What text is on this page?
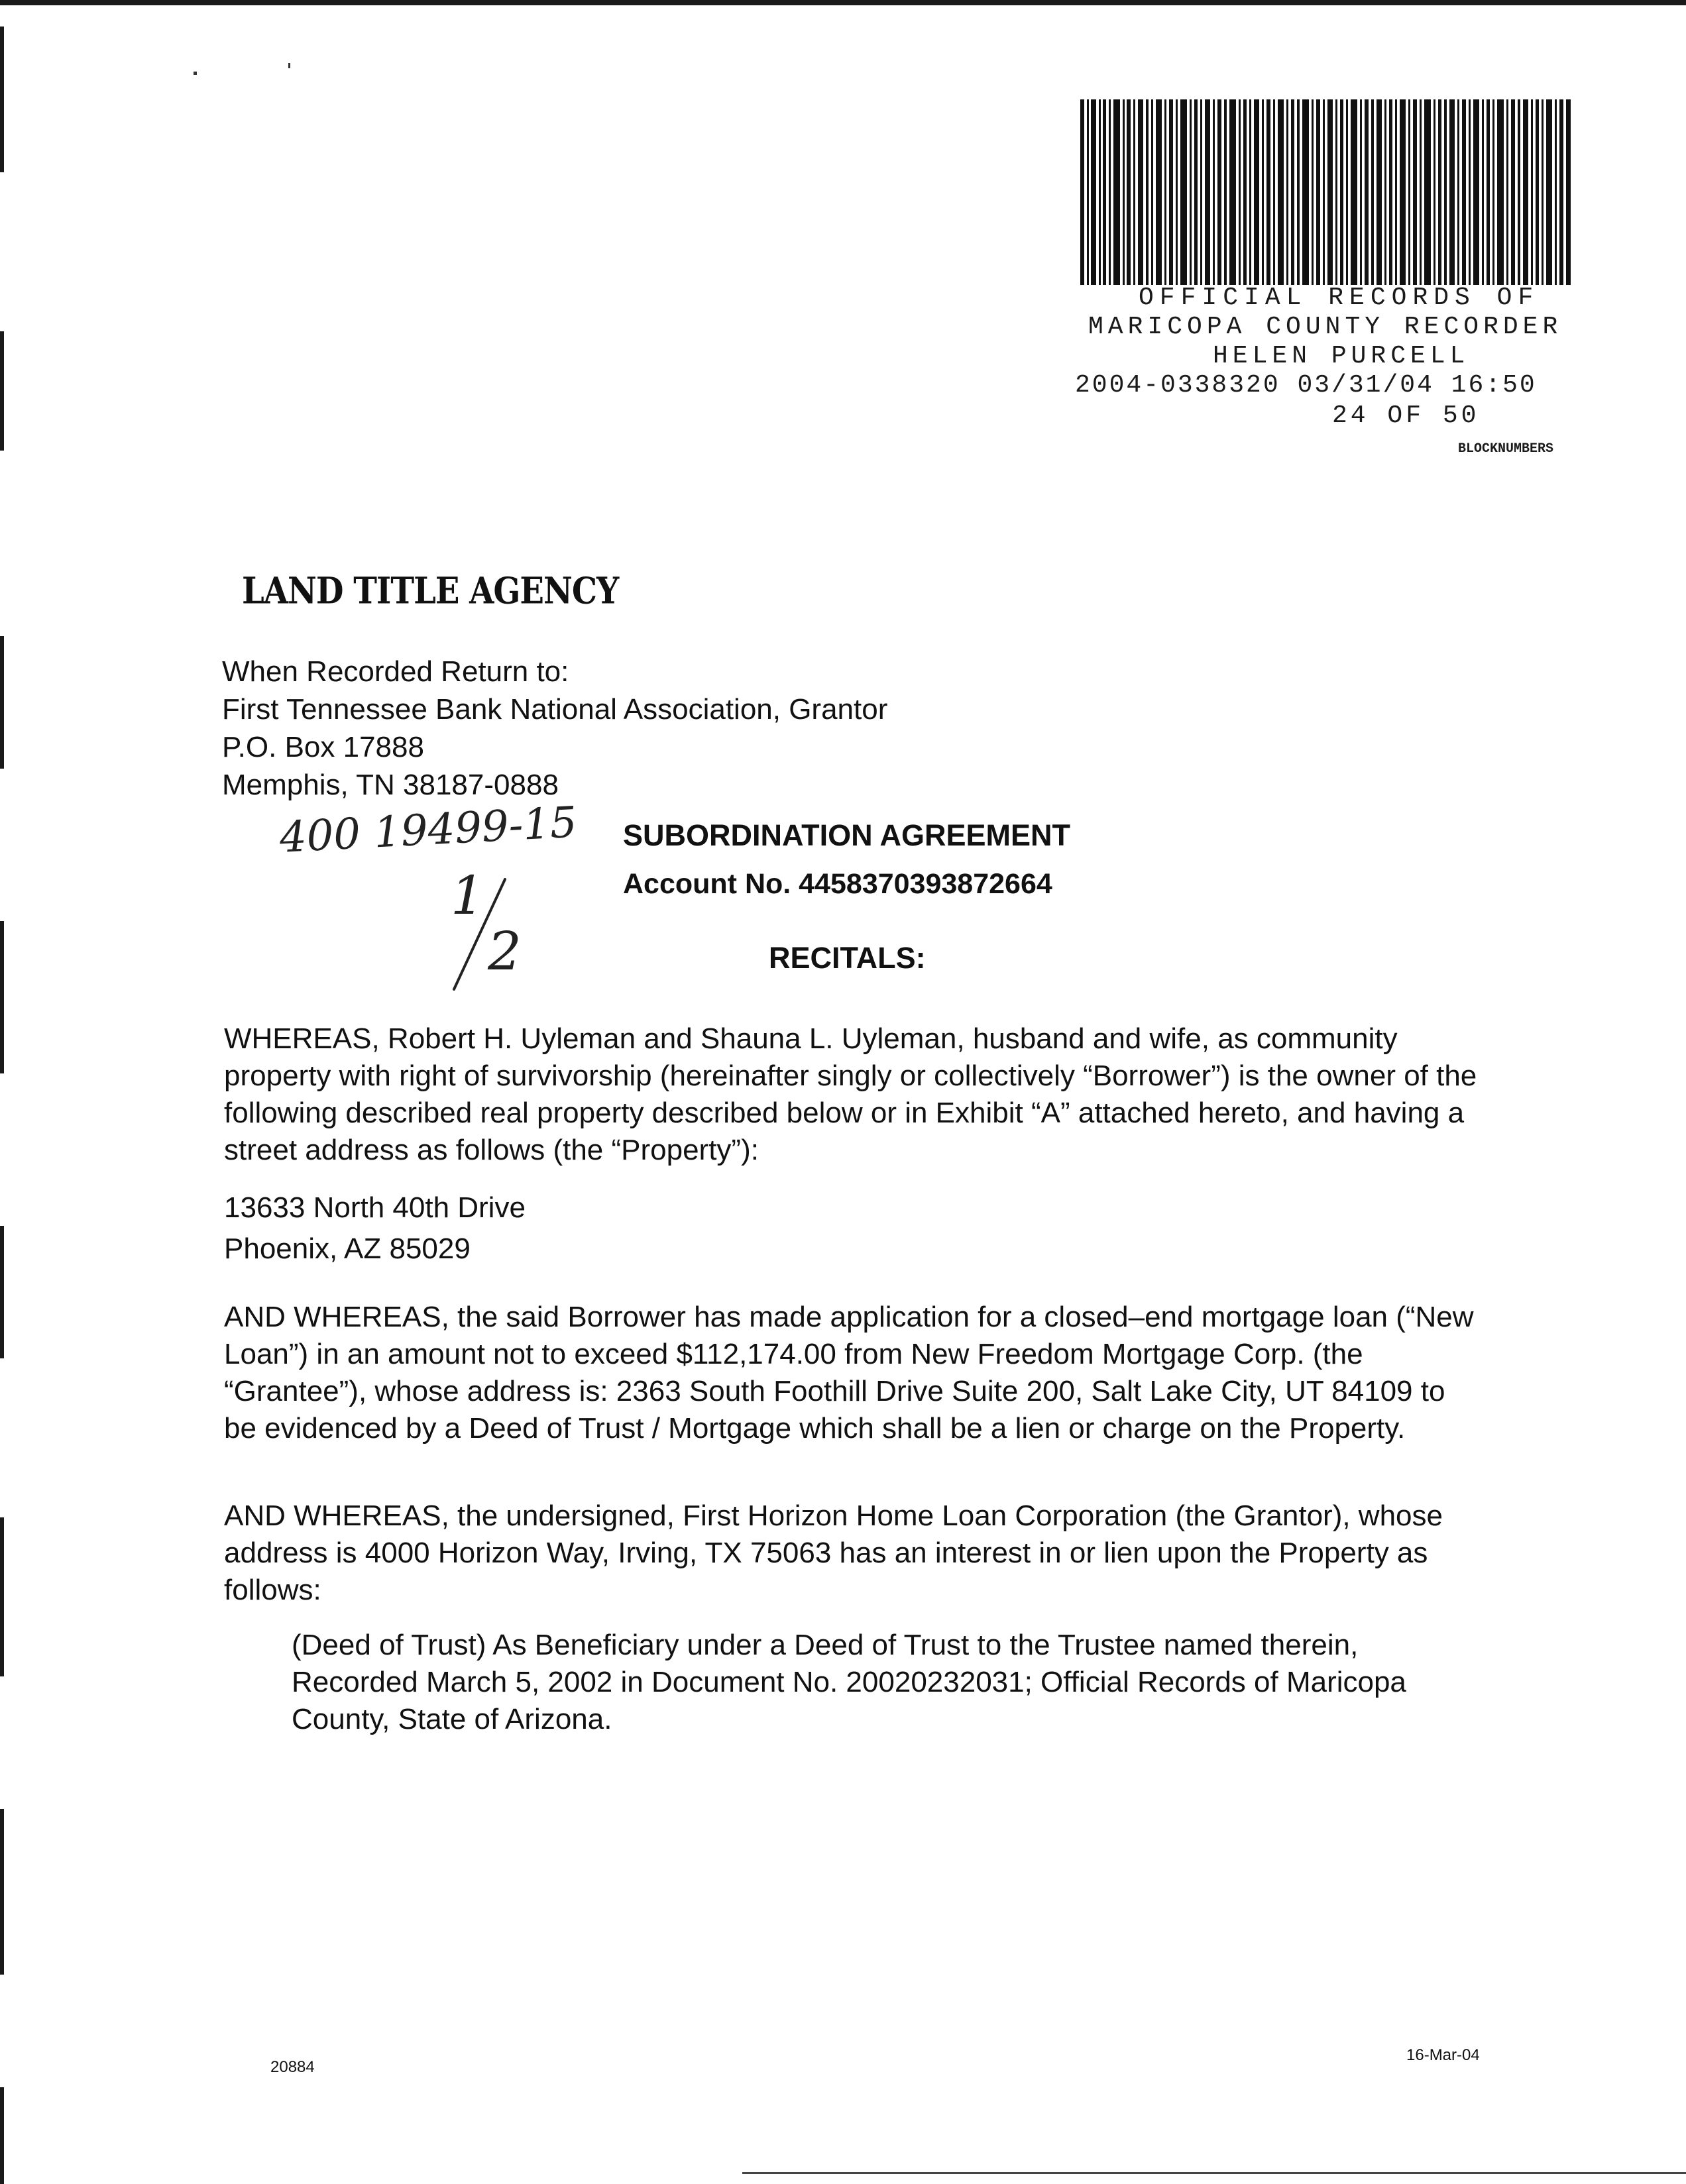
OFFICIAL RECORDS OF
MARICOPA COUNTY RECORDER
HELEN PURCELL
2004-0338320 03/31/04 16:50
24 OF 50
BLOCKNUMBERS
LAND TITLE AGENCY
When Recorded Return to:
First Tennessee Bank National Association, Grantor
P.O. Box 17888
Memphis, TN 38187-0888
400 19499-15
1
2
SUBORDINATION AGREEMENT
Account No. 4458370393872664
RECITALS:

WHEREAS, Robert H. Uyleman and Shauna L. Uyleman, husband and wife, as community property with right of survivorship (hereinafter singly or collectively “Borrower”) is the owner of the following described real property described below or in Exhibit “A” attached hereto, and having a street address as follows (the “Property”):

13633 North 40th Drive
Phoenix, AZ 85029

AND WHEREAS, the said Borrower has made application for a closed–end mortgage loan (“New Loan”) in an amount not to exceed $112,174.00 from New Freedom Mortgage Corp. (the “Grantee”), whose address is: 2363 South Foothill Drive Suite 200, Salt Lake City, UT 84109 to be evidenced by a Deed of Trust / Mortgage which shall be a lien or charge on the Property.

AND WHEREAS, the undersigned, First Horizon Home Loan Corporation (the Grantor), whose address is 4000 Horizon Way, Irving, TX 75063 has an interest in or lien upon the Property as follows:

(Deed of Trust) As Beneficiary under a Deed of Trust to the Trustee named therein, Recorded March 5, 2002 in Document No. 20020232031; Official Records of Maricopa County, State of Arizona.

20884
16-Mar-04
